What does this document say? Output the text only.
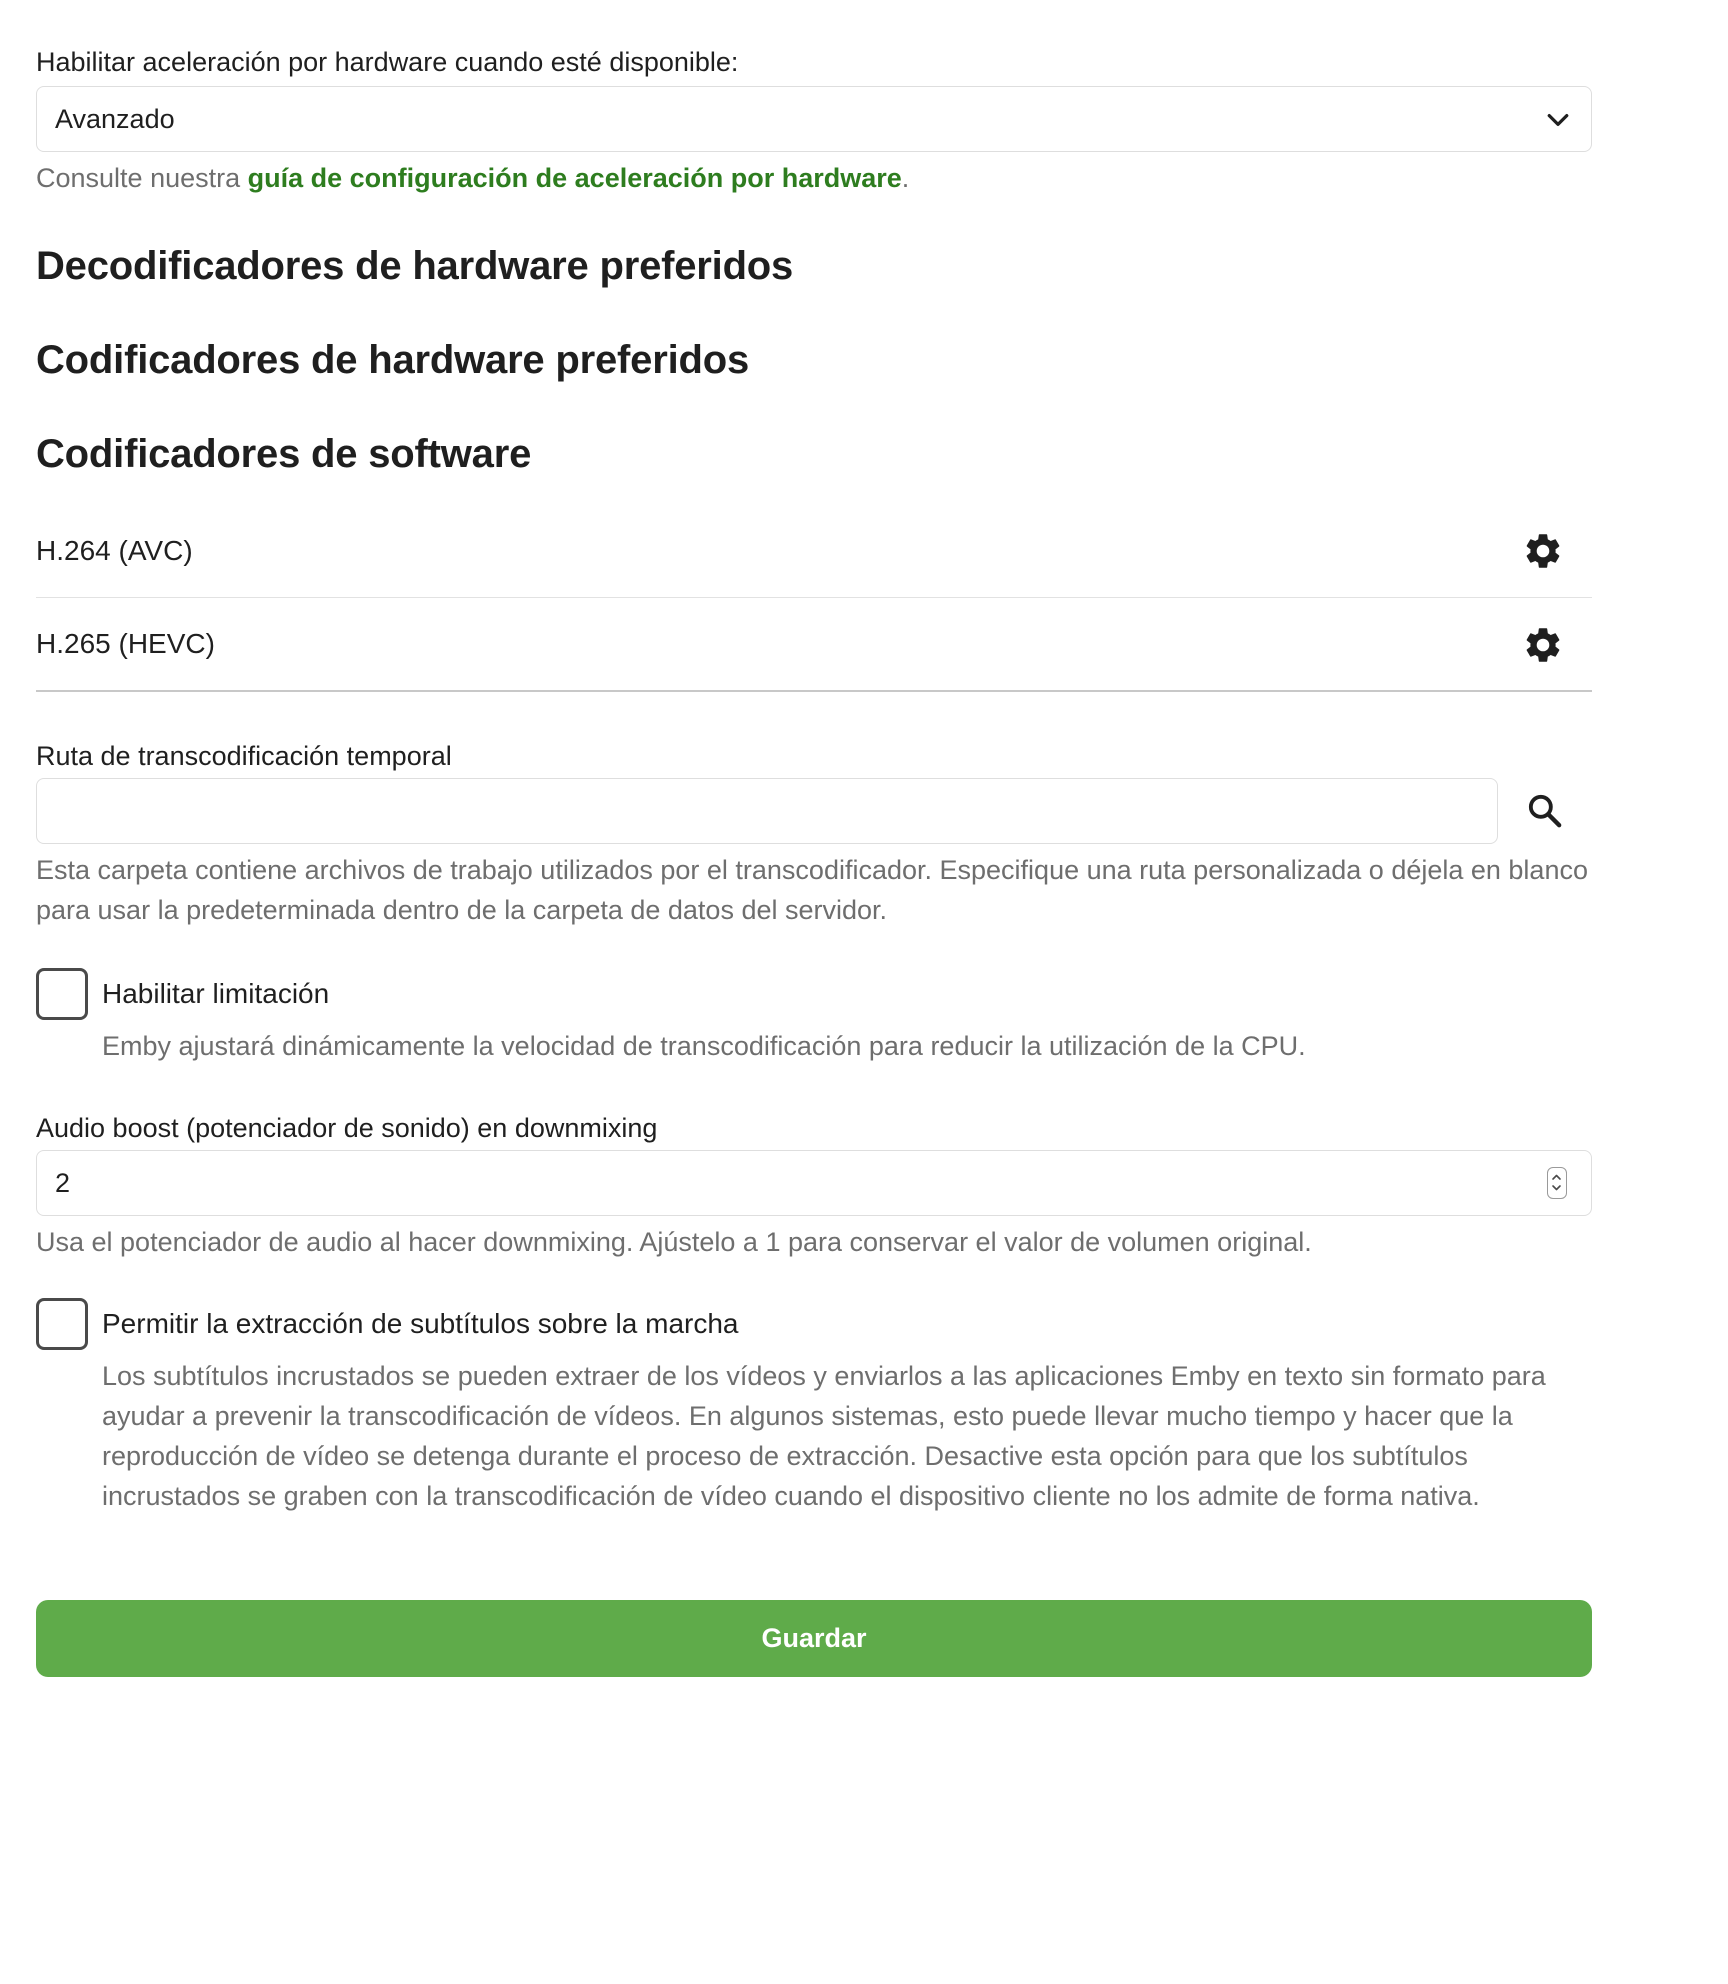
Habilitar aceleración por hardware cuando esté disponible:
Avanzado
Consulte nuestra guía de configuración de aceleración por hardware.
Decodificadores de hardware preferidos
Codificadores de hardware preferidos
Codificadores de software
H.264 (AVC)
H.265 (HEVC)
Ruta de transcodificación temporal
Esta carpeta contiene archivos de trabajo utilizados por el transcodificador. Especifique una ruta personalizada o déjela en blanco para usar la predeterminada dentro de la carpeta de datos del servidor.
Habilitar limitación
Emby ajustará dinámicamente la velocidad de transcodificación para reducir la utilización de la CPU.
Audio boost (potenciador de sonido) en downmixing
2
Usa el potenciador de audio al hacer downmixing. Ajústelo a 1 para conservar el valor de volumen original.
Permitir la extracción de subtítulos sobre la marcha
Los subtítulos incrustados se pueden extraer de los vídeos y enviarlos a las aplicaciones Emby en texto sin formato para ayudar a prevenir la transcodificación de vídeos. En algunos sistemas, esto puede llevar mucho tiempo y hacer que la reproducción de vídeo se detenga durante el proceso de extracción. Desactive esta opción para que los subtítulos incrustados se graben con la transcodificación de vídeo cuando el dispositivo cliente no los admite de forma nativa.
Guardar
